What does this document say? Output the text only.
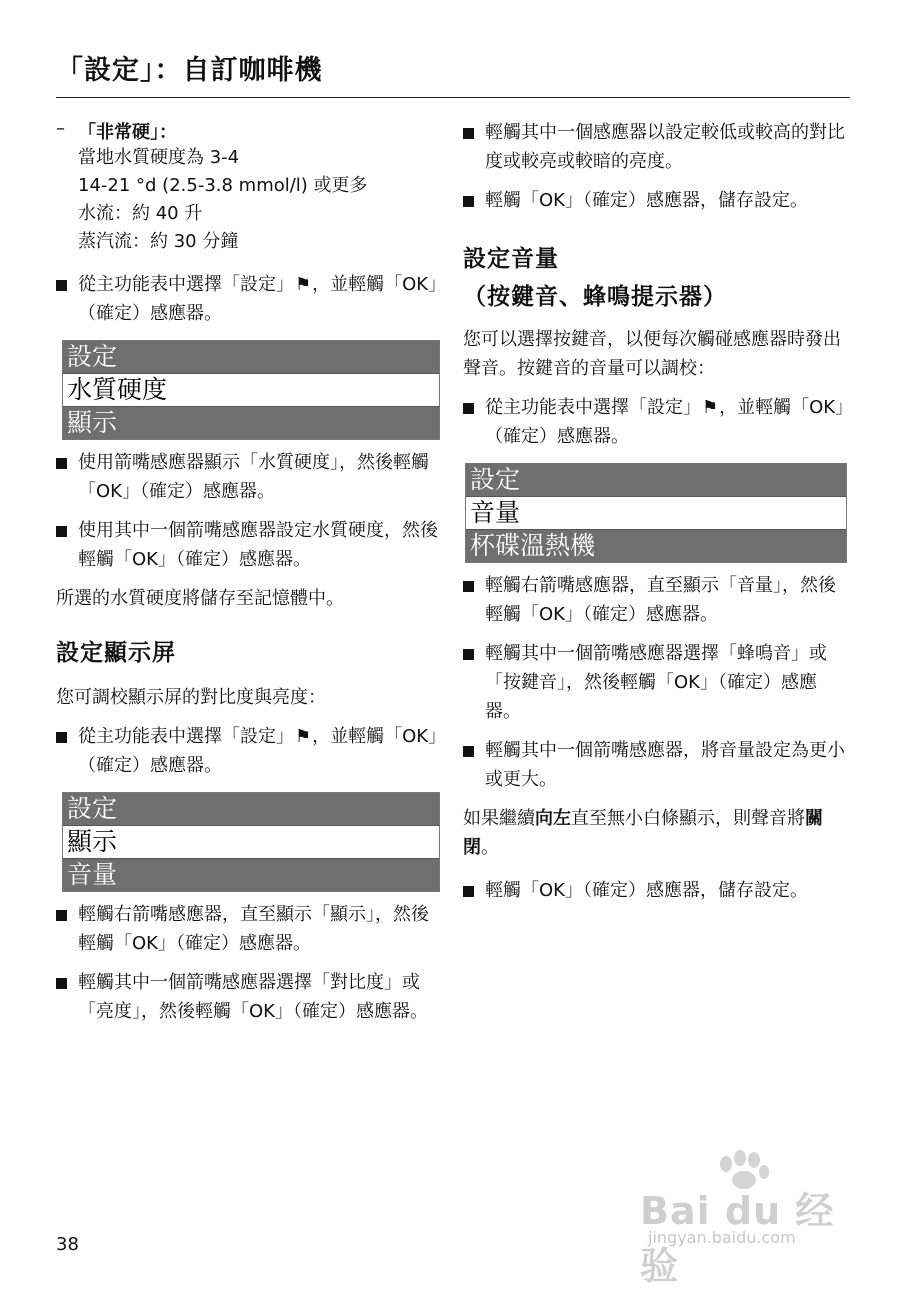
「設定」：自訂咖啡機
– 「非常硬」：
當地水質硬度為 3-4
14-21 °d (2.5-3.8 mmol/l) 或更多
水流：約 40 升
蒸汽流：約 30 分鐘
從主功能表中選擇「設定」⚑，並輕觸「OK」（確定）感應器。
設定
水質硬度
顯示
使用箭嘴感應器顯示「水質硬度」，然後輕觸「OK」（確定）感應器。
使用其中一個箭嘴感應器設定水質硬度，然後輕觸「OK」（確定）感應器。
所選的水質硬度將儲存至記憶體中。
設定顯示屏
您可調校顯示屏的對比度與亮度：
從主功能表中選擇「設定」⚑，並輕觸「OK」（確定）感應器。
設定
顯示
音量
輕觸右箭嘴感應器，直至顯示「顯示」，然後輕觸「OK」（確定）感應器。
輕觸其中一個箭嘴感應器選擇「對比度」或「亮度」，然後輕觸「OK」（確定）感應器。
輕觸其中一個感應器以設定較低或較高的對比度或較亮或較暗的亮度。
輕觸「OK」（確定）感應器，儲存設定。
設定音量
（按鍵音、蜂鳴提示器）
您可以選擇按鍵音，以便每次觸碰感應器時發出聲音。按鍵音的音量可以調校：
從主功能表中選擇「設定」⚑，並輕觸「OK」（確定）感應器。
設定
音量
杯碟溫熱機
輕觸右箭嘴感應器，直至顯示「音量」，然後輕觸「OK」（確定）感應器。
輕觸其中一個箭嘴感應器選擇「蜂鳴音」或「按鍵音」，然後輕觸「OK」（確定）感應器。
輕觸其中一個箭嘴感應器，將音量設定為更小或更大。
如果繼續向左直至無小白條顯示，則聲音將關閉。
輕觸「OK」（確定）感應器，儲存設定。
38
Bai du 经验
jingyan.baidu.com
